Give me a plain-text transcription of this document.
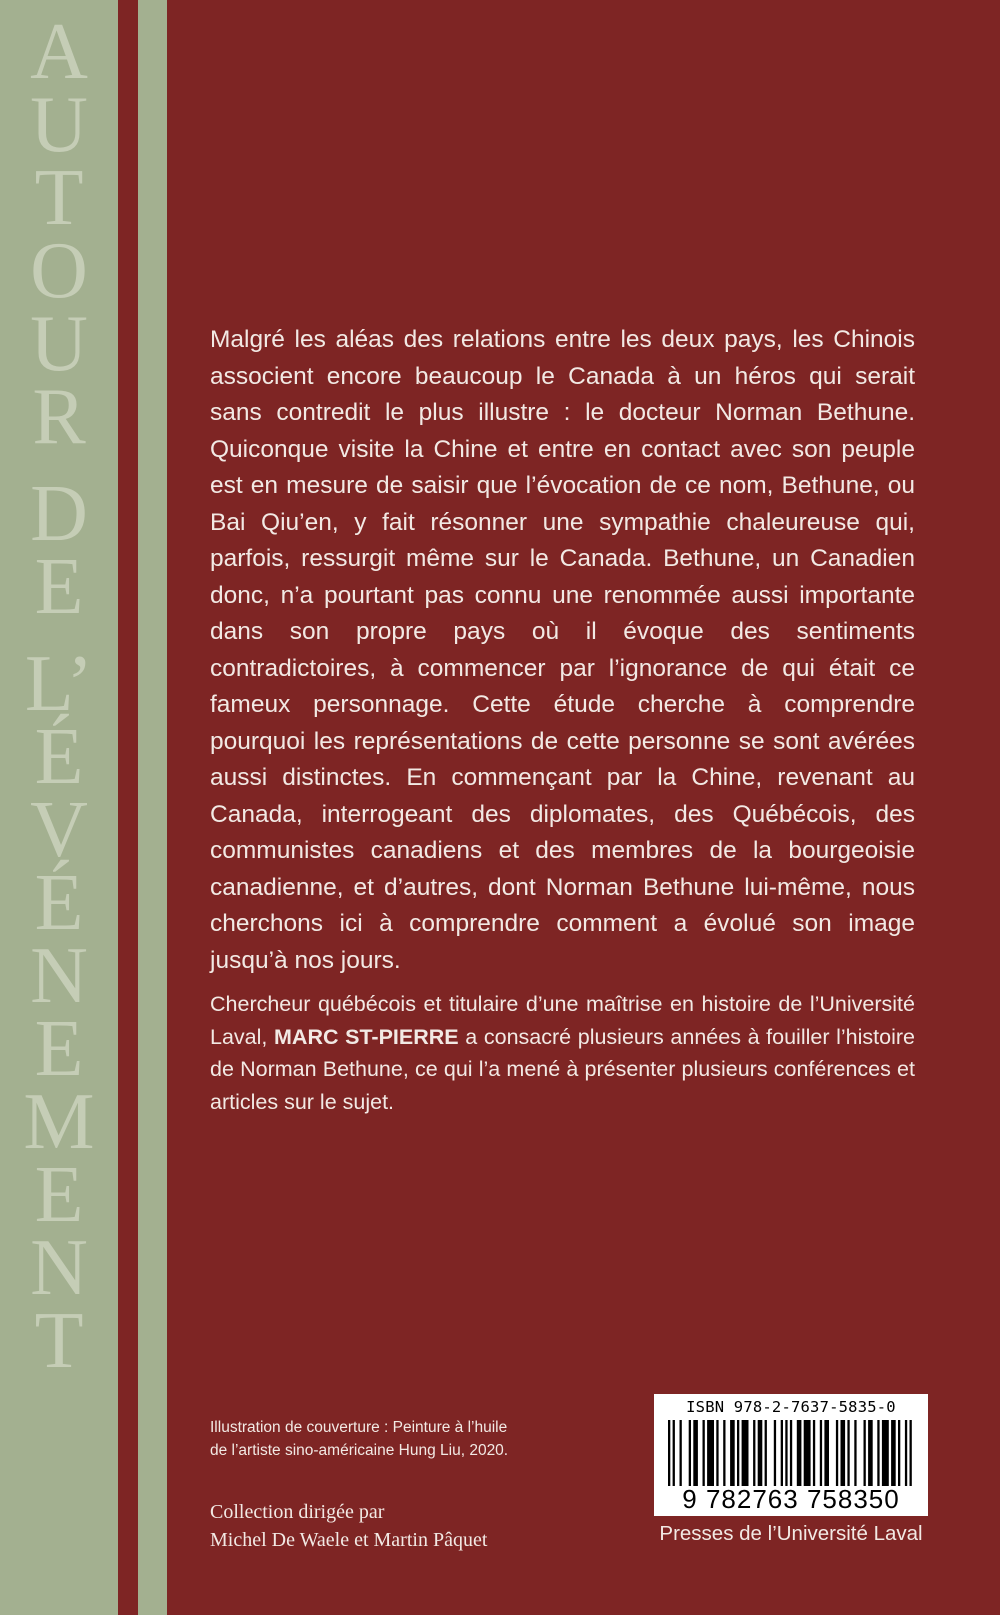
A
U
T
O
U
R
D
E
L’
É
V
É
N
E
M
E
N
T

Malgré les aléas des relations entre les deux pays, les Chinois associent encore beaucoup le Canada à un héros qui serait sans contredit le plus illustre : le docteur Norman Bethune. Quiconque visite la Chine et entre en contact avec son peuple est en mesure de saisir que l’évocation de ce nom, Bethune, ou Bai Qiu’en, y fait résonner une sympathie chaleureuse qui, parfois, ressurgit même sur le Canada. Bethune, un Canadien donc, n’a pourtant pas connu une renommée aussi importante dans son propre pays où il évoque des sentiments contradictoires, à commencer par l’ignorance de qui était ce fameux personnage. Cette étude cherche à comprendre pourquoi les représentations de cette personne se sont avérées aussi distinctes. En commençant par la Chine, revenant au Canada, interrogeant des diplomates, des Québécois, des communistes canadiens et des membres de la bourgeoisie canadienne, et d’autres, dont Norman Bethune lui-même, nous cherchons ici à comprendre comment a évolué son image jusqu’à nos jours.

Chercheur québécois et titulaire d’une maîtrise en histoire de l’Université Laval, MARC ST-PIERRE a consacré plusieurs années à fouiller l’histoire de Norman Bethune, ce qui l’a mené à présenter plusieurs conférences et articles sur le sujet.

Illustration de couverture : Peinture à l’huile
de l’artiste sino-américaine Hung Liu, 2020.

Collection dirigée par
Michel De Waele et Martin Pâquet

ISBN 978-2-7637-5835-0
9 782763 758350
Presses de l’Université Laval
